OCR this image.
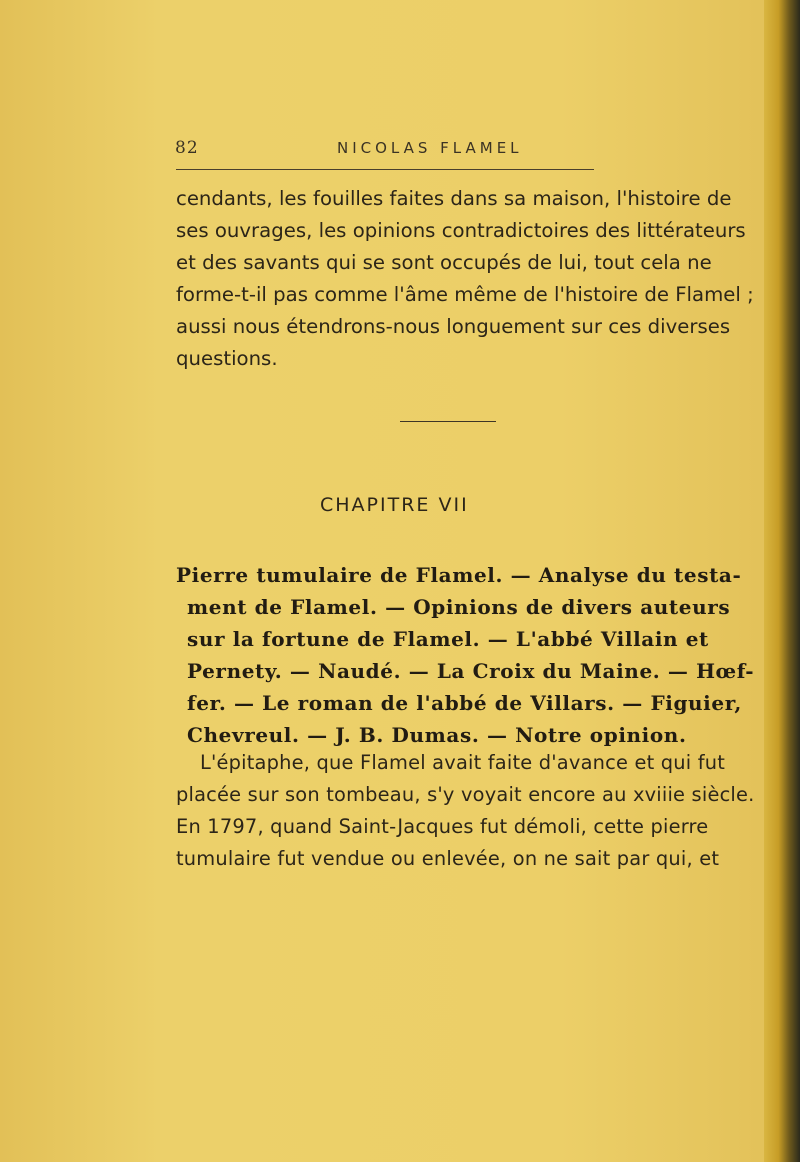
82	NICOLAS FLAMEL
cendants, les fouilles faites dans sa maison, l'histoire de
ses ouvrages, les opinions contradictoires des littérateurs
et des savants qui se sont occupés de lui, tout cela ne
forme-t-il pas comme l'âme même de l'histoire de Flamel ;
aussi nous étendrons-nous longuement sur ces diverses
questions.
CHAPITRE VII
Pierre tumulaire de Flamel. — Analyse du testa-
ment de Flamel. — Opinions de divers auteurs
sur la fortune de Flamel. — L'abbé Villain et
Pernety. — Naudé. — La Croix du Maine. — Hœf-
fer. — Le roman de l'abbé de Villars. — Figuier,
Chevreul. — J. B. Dumas. — Notre opinion.
L'épitaphe, que Flamel avait faite d'avance et qui fut
placée sur son tombeau, s'y voyait encore au xviiie siècle.
En 1797, quand Saint-Jacques fut démoli, cette pierre
tumulaire fut vendue ou enlevée, on ne sait par qui, et
